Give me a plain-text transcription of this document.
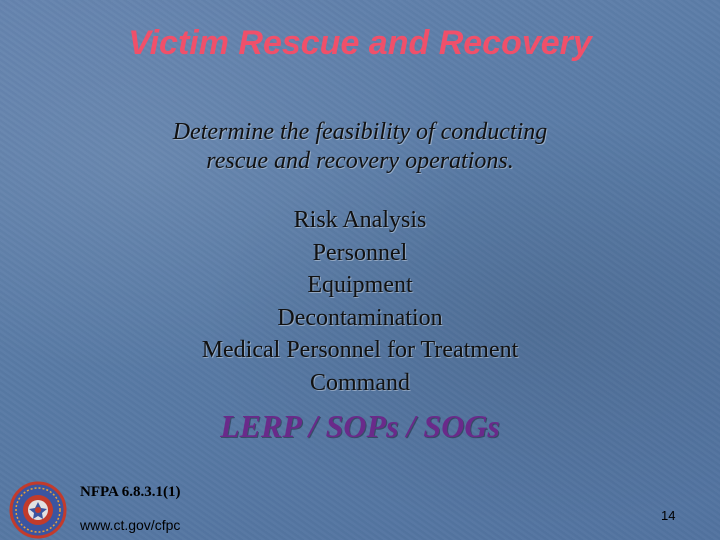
Victim Rescue and Recovery
Determine the feasibility of conducting
rescue and recovery operations.
Risk Analysis
Personnel
Equipment
Decontamination
Medical Personnel for Treatment
Command
LERP / SOPs / SOGs
NFPA 6.8.3.1(1)
www.ct.gov/cfpc
14
